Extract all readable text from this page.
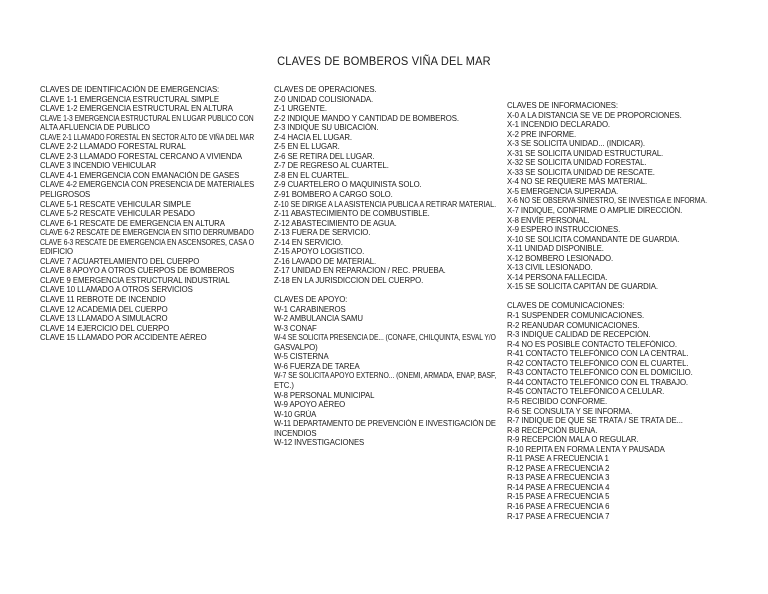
CLAVES DE BOMBEROS VIÑA DEL MAR
CLAVES DE IDENTIFICACIÓN DE EMERGENCIAS:
CLAVE 1-1 EMERGENCIA ESTRUCTURAL SIMPLE
CLAVE 1-2 EMERGENCIA ESTRUCTURAL EN ALTURA
CLAVE 1-3 EMERGENCIA ESTRUCTURAL EN LUGAR PUBLICO CON
ALTA AFLUENCIA DE PUBLICO
CLAVE 2-1 LLAMADO FORESTAL EN SECTOR ALTO DE VIÑA DEL MAR
CLAVE 2-2 LLAMADO FORESTAL RURAL
CLAVE 2-3 LLAMADO FORESTAL CERCANO A VIVIENDA
CLAVE 3 INCENDIO VEHICULAR
CLAVE 4-1 EMERGENCIA CON EMANACIÓN DE GASES
CLAVE 4-2 EMERGENCIA CON PRESENCIA DE MATERIALES
PELIGROSOS
CLAVE 5-1 RESCATE VEHICULAR SIMPLE
CLAVE 5-2 RESCATE VEHICULAR PESADO
CLAVE 6-1 RESCATE DE EMERGENCIA EN ALTURA
CLAVE 6-2 RESCATE DE EMERGENCIA EN SITIO DERRUMBADO
CLAVE 6-3 RESCATE DE EMERGENCIA EN ASCENSORES, CASA O
EDIFICIO
CLAVE 7 ACUARTELAMIENTO DEL CUERPO
CLAVE 8 APOYO A OTROS CUERPOS DE BOMBEROS
CLAVE 9 EMERGENCIA ESTRUCTURAL INDUSTRIAL
CLAVE 10 LLAMADO A OTROS SERVICIOS
CLAVE 11 REBROTE DE INCENDIO
CLAVE 12 ACADEMIA DEL CUERPO
CLAVE 13 LLAMADO A SIMULACRO
CLAVE 14 EJERCICIO DEL CUERPO
CLAVE 15 LLAMADO POR ACCIDENTE AÉREO
CLAVES DE OPERACIONES.
Z-0 UNIDAD COLISIONADA.
Z-1 URGENTE.
Z-2 INDIQUE MANDO Y CANTIDAD DE BOMBEROS.
Z-3 INDIQUE SU UBICACIÓN.
Z-4 HACIA EL LUGAR.
Z-5 EN EL LUGAR.
Z-6 SE RETIRA DEL LUGAR.
Z-7 DE REGRESO AL CUARTEL.
Z-8 EN EL CUARTEL.
Z-9 CUARTELERO O MAQUINISTA SOLO.
Z-91 BOMBERO A CARGO SOLO.
Z-10 SE DIRIGE A LA ASISTENCIA PUBLICA A RETIRAR MATERIAL.
Z-11 ABASTECIMIENTO DE COMBUSTIBLE.
Z-12 ABASTECIMIENTO DE AGUA.
Z-13 FUERA DE SERVICIO.
Z-14 EN SERVICIO.
Z-15 APOYO LOGISTICO.
Z-16 LAVADO DE MATERIAL.
Z-17 UNIDAD EN REPARACION / REC. PRUEBA.
Z-18 EN LA JURISDICCION DEL CUERPO.
CLAVES DE APOYO:
W-1 CARABINEROS
W-2 AMBULANCIA SAMU
W-3 CONAF
W-4 SE SOLICITA PRESENCIA DE... (CONAFE, CHILQUINTA, ESVAL Y/O
GASVALPO)
W-5 CISTERNA
W-6 FUERZA DE TAREA
W-7 SE SOLICITA APOYO EXTERNO... (ONEMI, ARMADA, ENAP, BASF,
ETC.)
W-8 PERSONAL MUNICIPAL
W-9 APOYO AÉREO
W-10 GRÚA
W-11 DEPARTAMENTO DE PREVENCIÓN E INVESTIGACIÓN DE
INCENDIOS
W-12 INVESTIGACIONES
CLAVES DE INFORMACIONES:
X-0 A LA DISTANCIA SE VE DE PROPORCIONES.
X-1 INCENDIO DECLARADO.
X-2 PRE INFORME.
X-3 SE SOLICITA UNIDAD... (INDICAR).
X-31 SE SOLICITA UNIDAD ESTRUCTURAL.
X-32 SE SOLICITA UNIDAD FORESTAL.
X-33 SE SOLICITA UNIDAD DE RESCATE.
X-4 NO SE REQUIERE MÁS MATERIAL.
X-5 EMERGENCIA SUPERADA.
X-6 NO SE OBSERVA SINIESTRO, SE INVESTIGA E INFORMA.
X-7 INDIQUE, CONFIRME O AMPLIE DIRECCIÓN.
X-8 ENVÍE PERSONAL.
X-9 ESPERO INSTRUCCIONES.
X-10 SE SOLICITA COMANDANTE DE GUARDIA.
X-11 UNIDAD DISPONIBLE.
X-12 BOMBERO LESIONADO.
X-13 CIVIL LESIONADO.
X-14 PERSONA FALLECIDA.
X-15 SE SOLICITA CAPITÁN DE GUARDIA.
CLAVES DE COMUNICACIONES:
R-1 SUSPENDER COMUNICACIONES.
R-2 REANUDAR COMUNICACIONES.
R-3 INDIQUE CALIDAD DE RECEPCIÓN.
R-4 NO ES POSIBLE CONTACTO TELEFÓNICO.
R-41 CONTACTO TELEFÓNICO CON LA CENTRAL.
R-42 CONTACTO TELEFÓNICO CON EL CUARTEL.
R-43 CONTACTO TELEFÓNICO CON EL DOMICILIO.
R-44 CONTACTO TELEFÓNICO CON EL TRABAJO.
R-45 CONTACTO TELEFÓNICO A CELULAR.
R-5 RECIBIDO CONFORME.
R-6 SE CONSULTA Y SE INFORMA.
R-7 INDIQUE DE QUE SE TRATA / SE TRATA DE...
R-8 RECEPCIÓN BUENA.
R-9 RECEPCIÓN MALA O REGULAR.
R-10 REPITA EN FORMA LENTA Y PAUSADA
R-11 PASE A FRECUENCIA 1
R-12 PASE A FRECUENCIA 2
R-13 PASE A FRECUENCIA 3
R-14 PASE A FRECUENCIA 4
R-15 PASE A FRECUENCIA 5
R-16 PASE A FRECUENCIA 6
R-17 PASE A FRECUENCIA 7
